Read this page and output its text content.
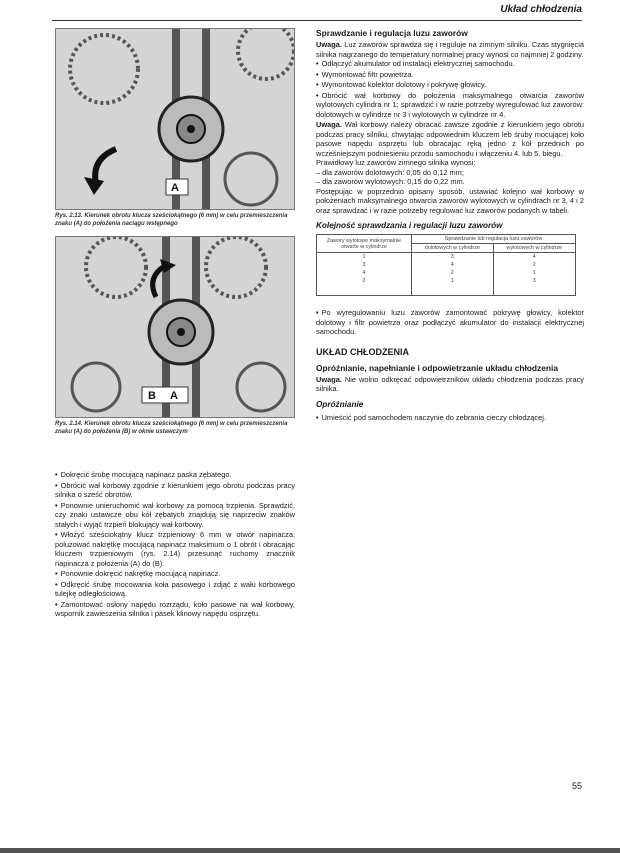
Układ chłodzenia
A
Rys. 2.13. Kierunek obrotu klucza sześciokątnego (6 mm) w celu przemieszczenia znaku (A) do położenia naciągu wstępnego
B A
Rys. 2.14. Kierunek obrotu klucza sześciokątnego (6 mm) w celu przemieszczenia znaku (A) do położenia (B) w oknie ustawczym
• Dokręcić śrubę mocującą napinacz paska zębatego.
• Obrócić wał korbowy zgodnie z kierunkiem jego obrotu podczas pracy silnika o sześć obrotów.
• Ponownie unieruchomić wał korbowy za pomocą trzpienia. Sprawdzić, czy znaki ustawcze obu kół zębatych znajdują się naprzeciw znaków stałych i wyjąć trzpień blokujący wał korbowy.
• Włożyć sześciokątny klucz trzpieniowy 6 mm w otwór napinacza, poluzować nakrętkę mocującą napinacz maksimum o 1 obrót i obracając kluczem trzpieniowym (rys. 2.14) przesunąć ruchomy znacznik napinacza z położenia (A) do (B).
• Ponownie dokręcić nakrętkę mocującą napinacz.
• Odkręcić śrubę mocowania koła pasowego i zdjąć z wału korbowego tulejkę odległościową.
• Zamontować osłony napędu rozrządu, koło pasowe na wał korbowy, wspornik zawieszenia silnika i pasek klinowy napędu osprzętu.
Sprawdzanie i regulacja luzu zaworów

Uwaga. Luz zaworów sprawdza się i reguluje na zimnym silniku. Czas stygnięcia silnika nagrzanego do temperatury normalnej pracy wynosi co najmniej 2 godziny.

• Odłączyć akumulator od instalacji elektrycznej samochodu.
• Wymontować filtr powietrza.
• Wymontować kolektor dolotowy i pokrywę głowicy.
• Obrócić wał korbowy do położenia maksymalnego otwarcia zaworów wylotowych cylindra nr 1; sprawdzić i w razie potrzeby wyregulować luz zaworów: dolotowych w cylindrze nr 3 i wylotowych w cylindrze nr 4.

Uwaga. Wał korbowy należy obracać zawsze zgodnie z kierunkiem jego obrotu podczas pracy silniku, chwytając odpowiednim kluczem leb śruby mocującej koło pasowe napędu osprzętu lub obracając ręką jedno z kół przednich po wcześniejszym podniesieniu przodu samochodu i włączeniu 4. lub 5. biegu.

Prawidłowy luz zaworów zimnego silnika wynosi:

– dla zaworów dolotowych: 0,05 do 0,12 mm;

– dla zaworów wylotowych: 0,15 do 0,22 mm.

Postępując w poprzednio opisany sposób, ustawiać kolejno wał korbowy w położeniach maksymalnego otwarcia zaworów wylotowych w cylindrach nr 3, 4 i 2 oraz sprawdzać i w razie potrzeby regulować luz zaworów podanych w tabeli.

Kolejność sprawdzania i regulacji luzu zaworów
Zawory wylotowe maksymalnie otwarte w cylindrze	Sprawdzanie lub regulacja luzu zaworów	
	dolotowych w cylindrze	wylotowych w cylindrze
1	3	4
3	4	2
4	2	1
2	1	3
• Po wyregulowaniu luzu zaworów zamontować pokrywę głowicy, kolektor dolotowy i filtr powietrza oraz podłączyć akumulator do instalacji elektrycznej samochodu.
UKŁAD CHŁODZENIA
Opróżnianie, napełnianie i odpowietrzanie układu chłodzenia

Uwaga. Nie wolno odkręcać odpowietrzników układu chłodzenia podczas pracy silnika.

Opróżnianie
• Umieścić pod samochodem naczynie do zebrania cieczy chłodzącej.
55
